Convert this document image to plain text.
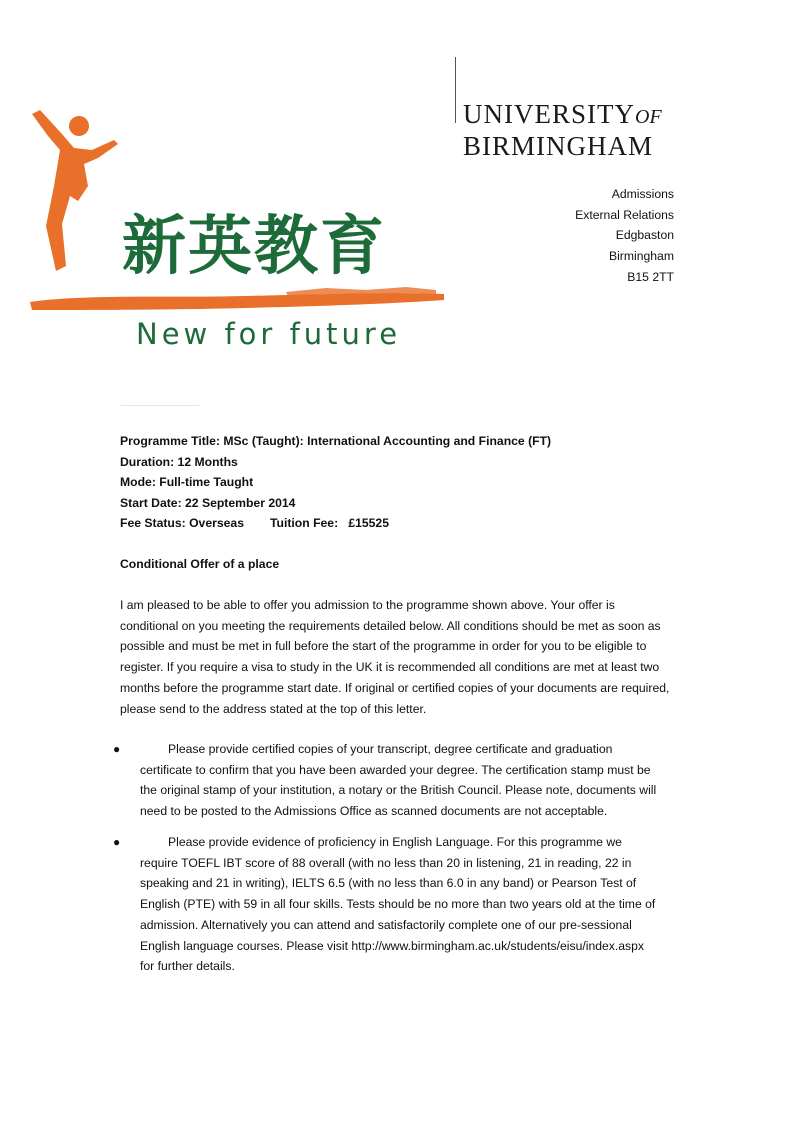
新英教育
New for future
UNIVERSITYOF
BIRMINGHAM
Admissions
External Relations
Edgbaston
Birmingham
B15 2TT
Programme Title: MSc (Taught): International Accounting and Finance (FT)
Duration: 12 Months
Mode: Full-time Taught
Start Date: 22 September 2014
Fee Status: Overseas Tuition Fee: £15525
Conditional Offer of a place

I am pleased to be able to offer you admission to the programme shown above. Your offer is conditional on you meeting the requirements detailed below. All conditions should be met as soon as possible and must be met in full before the start of the programme in order for you to be eligible to register. If you require a visa to study in the UK it is recommended all conditions are met at least two months before the programme start date. If original or certified copies of your documents are required, please send to the address stated at the top of this letter.

●	Please provide certified copies of your transcript, degree certificate and graduation certificate to confirm that you have been awarded your degree. The certification stamp must be the original stamp of your institution, a notary or the British Council. Please note, documents will need to be posted to the Admissions Office as scanned documents are not acceptable.
●	Please provide evidence of proficiency in English Language. For this programme we require TOEFL IBT score of 88 overall (with no less than 20 in listening, 21 in reading, 22 in speaking and 21 in writing), IELTS 6.5 (with no less than 6.0 in any band) or Pearson Test of English (PTE) with 59 in all four skills. Tests should be no more than two years old at the time of admission. Alternatively you can attend and satisfactorily complete one of our pre-sessional English language courses. Please visit http://www.birmingham.ac.uk/students/eisu/index.aspx for further details.
